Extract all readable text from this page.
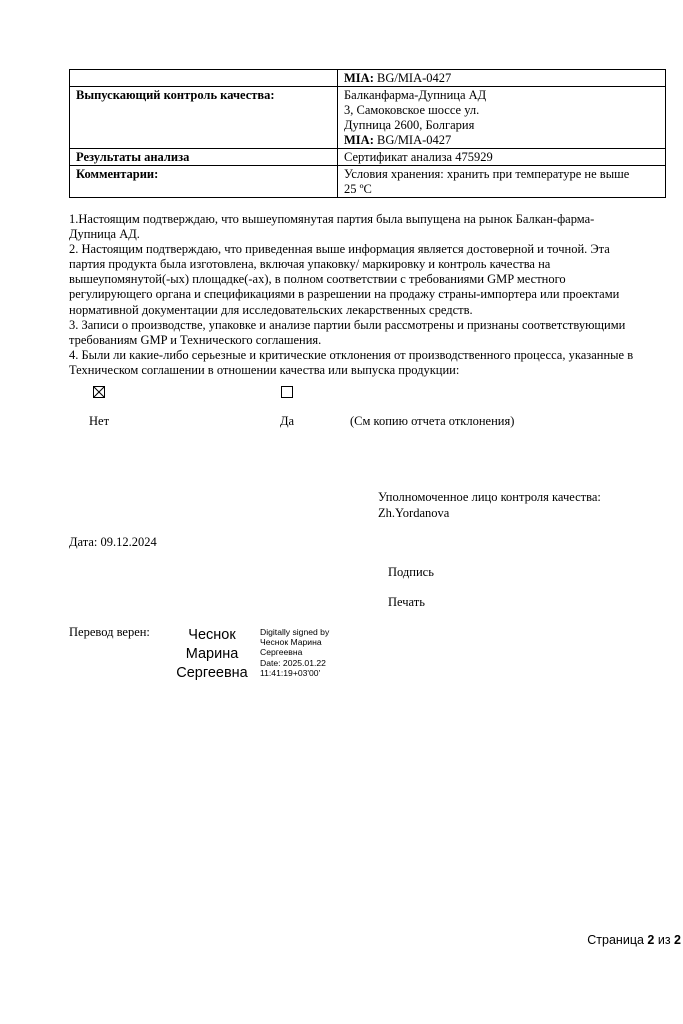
	MIA: BG/MIA-0427
Выпускающий контроль качества:	Балканфарма-Дупница АД
3, Самоковское шоссе ул.
Дупница 2600, Болгария
MIA: BG/MIA-0427

Результаты анализа	Сертификат анализа 475929
Комментарии:	Условия хранения: хранить при температуре не выше
25 ºC
1.Настоящим подтверждаю, что вышеупомянутая партия была выпущена на рынок Балкан-фарма-
Дупница АД.
2. Настоящим подтверждаю, что приведенная выше информация является достоверной и точной. Эта
партия продукта была изготовлена, включая упаковку/ маркировку и контроль качества на
вышеупомянутой(-ых) площадке(-ах), в полном соответствии с требованиями GMP местного
регулирующего органа и спецификациями в разрешении на продажу страны-импортера или проектами
нормативной документации для исследовательских лекарственных средств.
3. Записи о производстве, упаковке и анализе партии были рассмотрены и признаны соответствующими
требованиям GMP и Технического соглашения.
4. Были ли какие-либо серьезные и критические отклонения от производственного процесса, указанные в
Техническом соглашении в отношении качества или выпуска продукции:
Нет	Да	(См копию отчета отклонения)
Уполномоченное лицо контроля качества:
Zh.Yordanova
Дата: 09.12.2024
Подпись
Печать
Перевод верен:	Чеснок
Марина
Сергеевна
Digitally signed by
Чеснок Марина
Сергеевна
Date: 2025.01.22
11:41:19+03'00'
Страница 2 из 2
